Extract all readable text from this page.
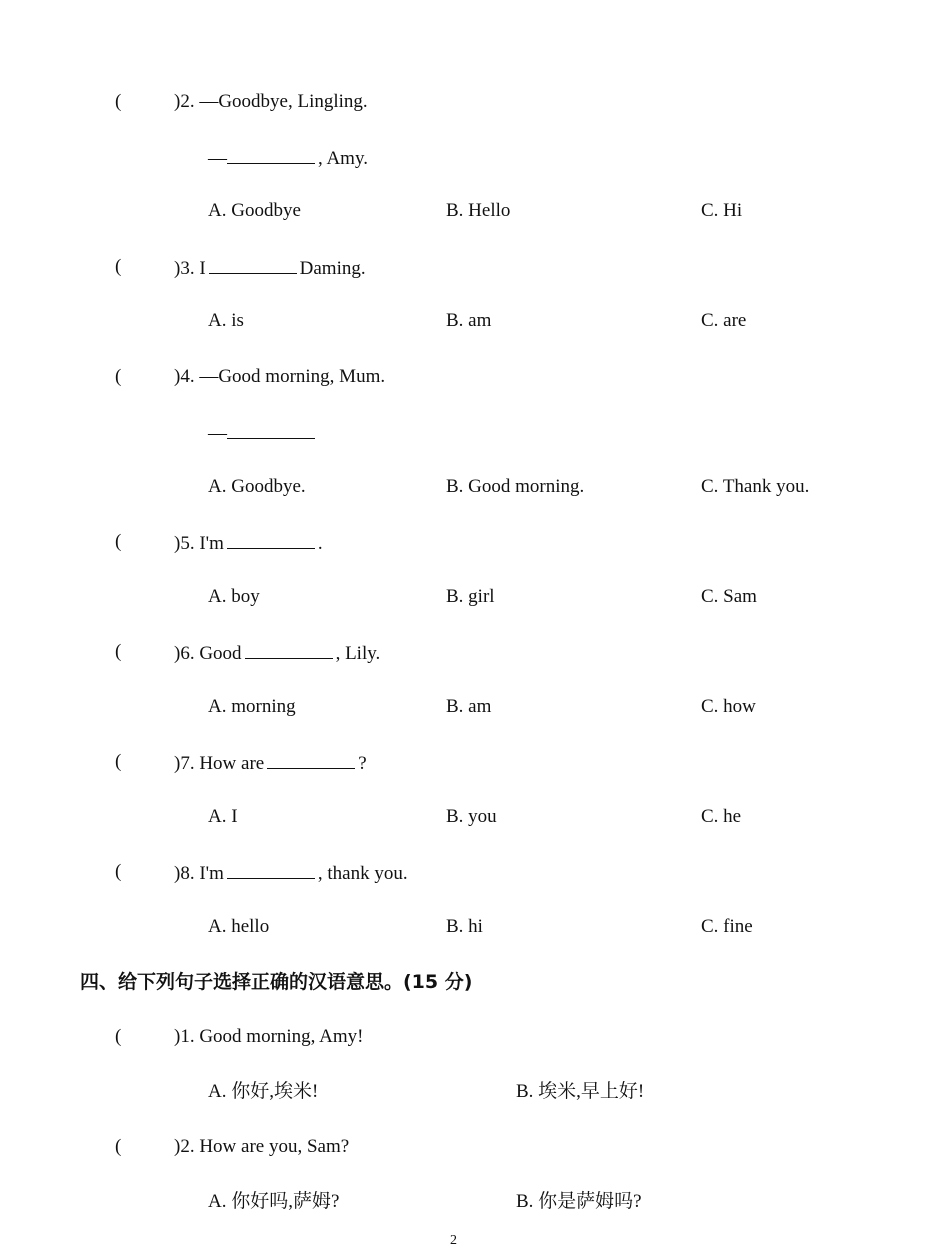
(	)2. —Goodbye, Lingling.
—	, Amy.
A. Goodbye	B. Hello	C. Hi
(	)3. I	Daming.
A. is	B. am	C. are
(	)4. —Good morning, Mum.
—
A. Goodbye.	B. Good morning.	C. Thank you.
(	)5. I'm	.
A. boy	B. girl	C. Sam
(	)6. Good	, Lily.
A. morning	B. am	C. how
(	)7. How are	?
A. I	B. you	C. he
(	)8. I'm	, thank you.
A. hello	B. hi	C. fine
四、给下列句子选择正确的汉语意思。(15 分)
(	)1. Good morning, Amy!
A. 你好,埃米!	B. 埃米,早上好!
(	)2. How are you, Sam?
A. 你好吗,萨姆?	B. 你是萨姆吗?
2
